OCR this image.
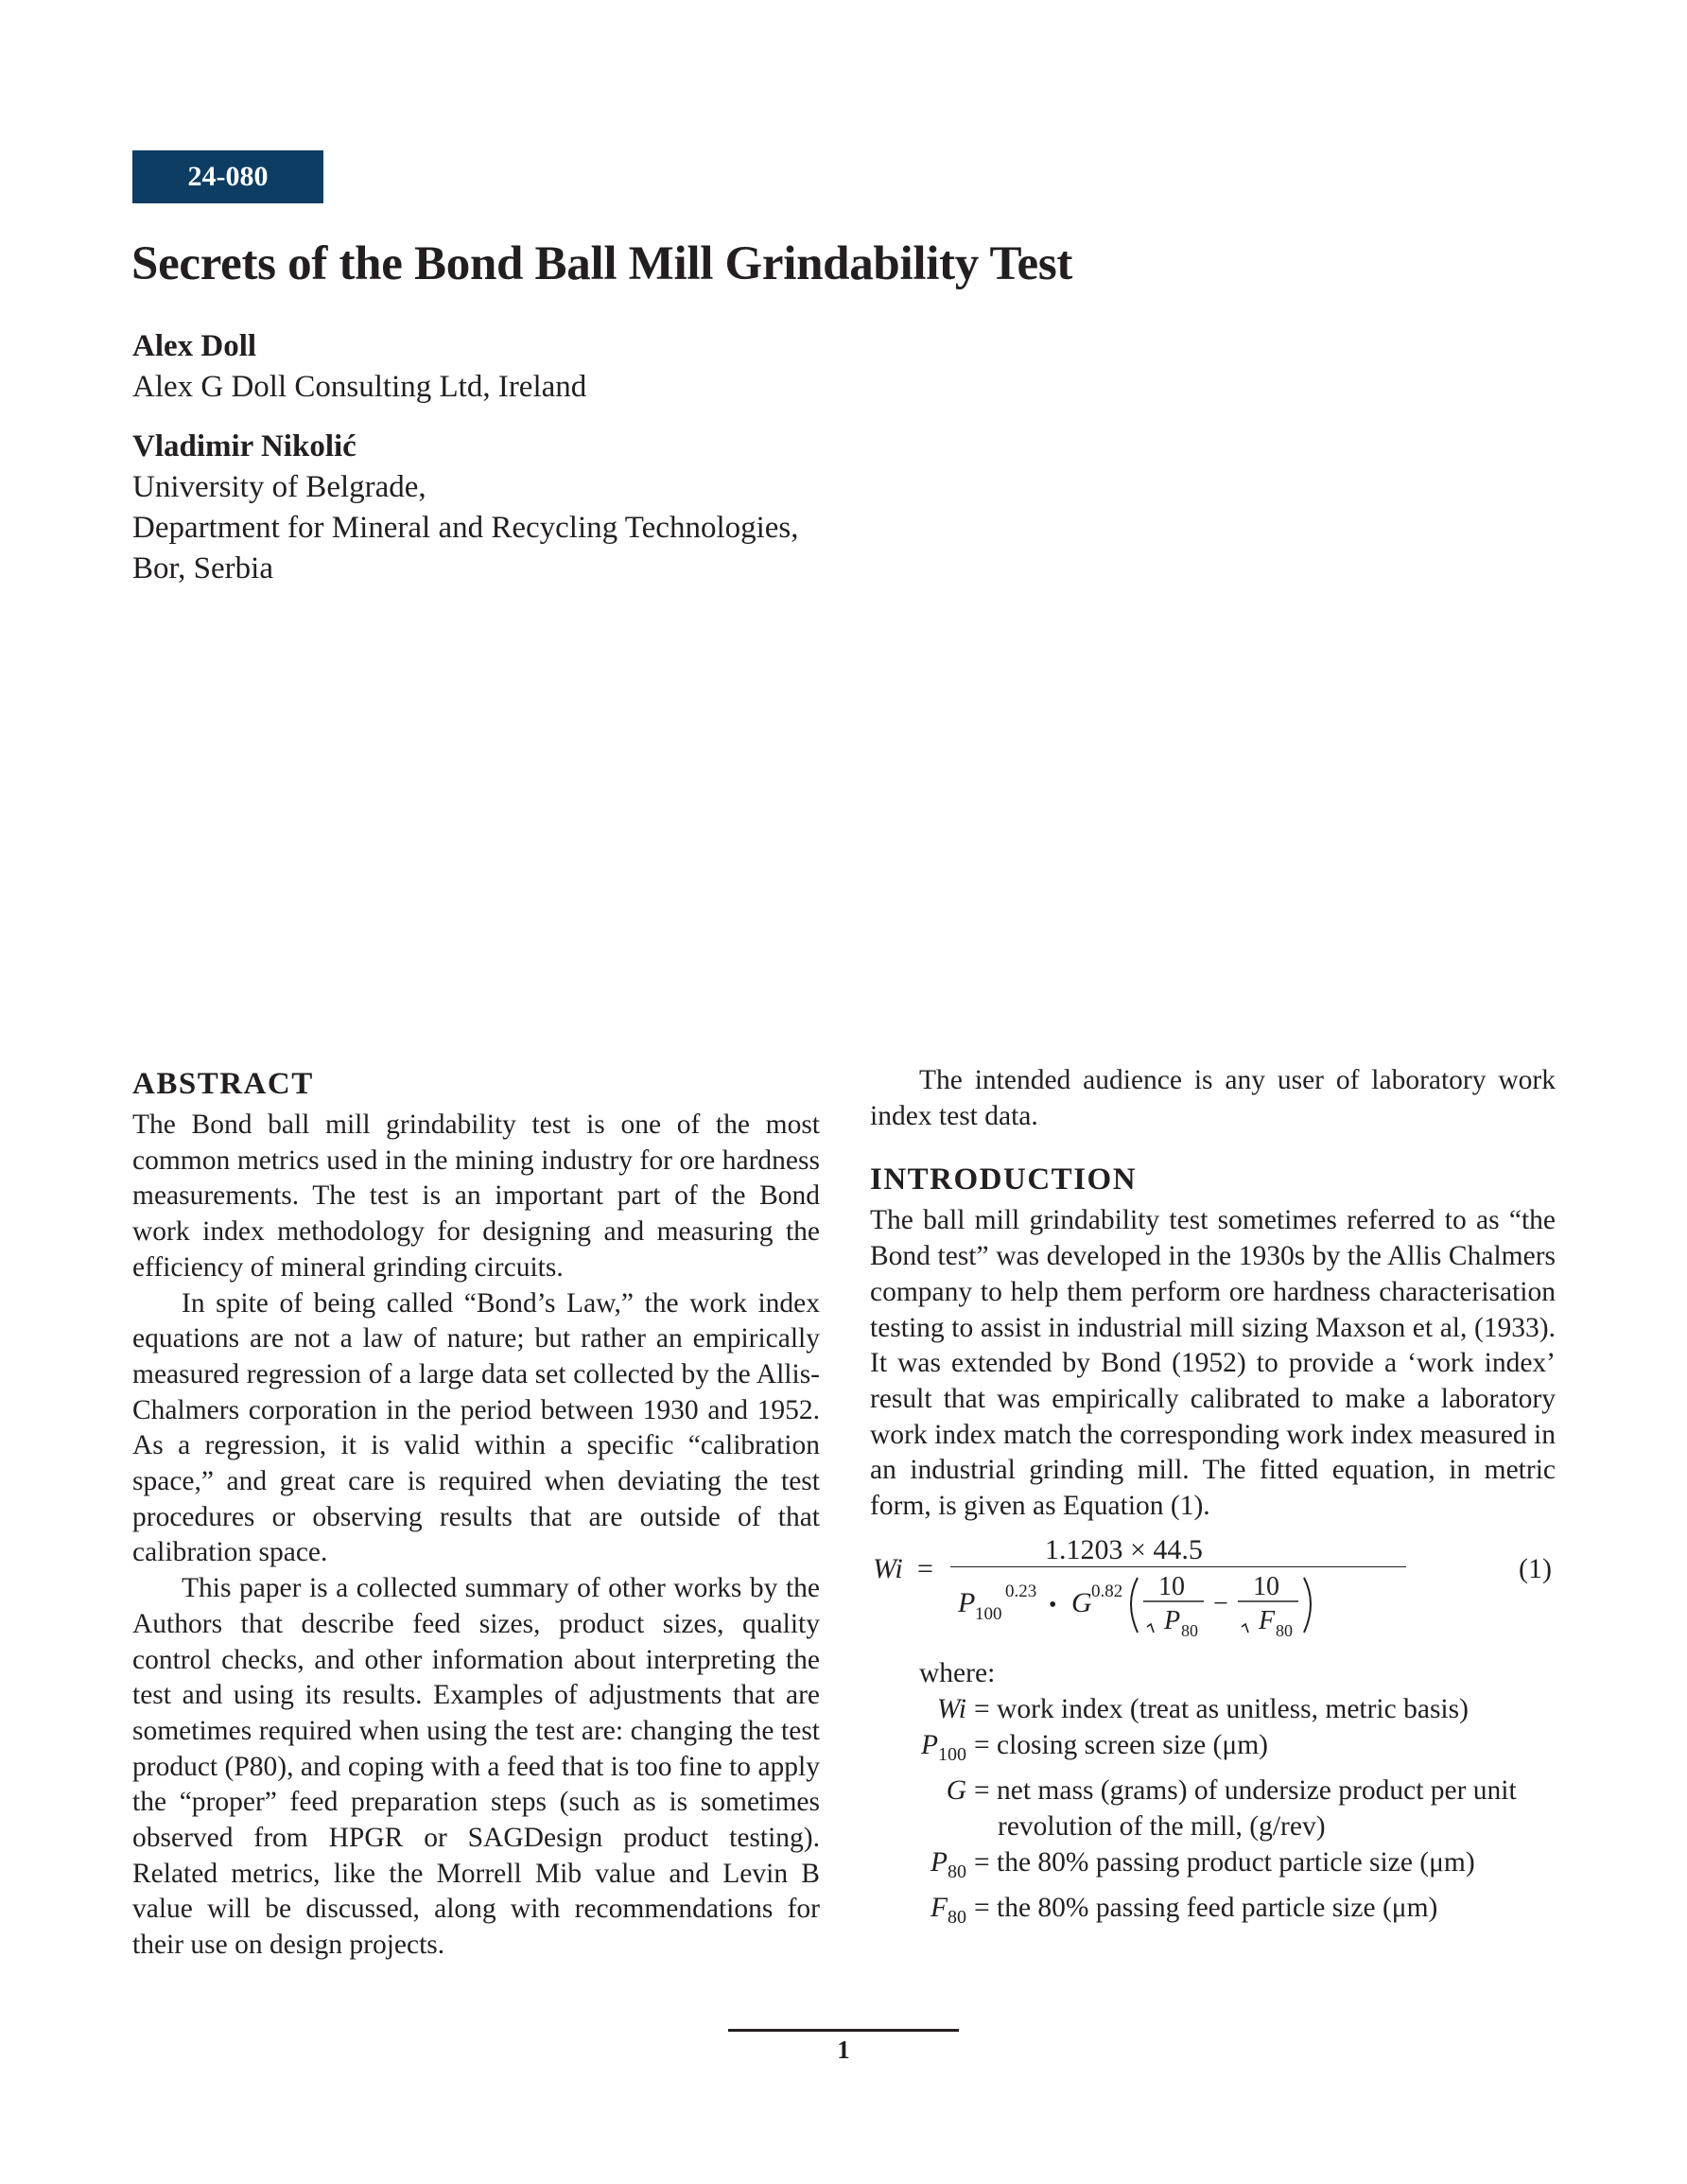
24-080
Secrets of the Bond Ball Mill Grindability Test
Alex Doll
Alex G Doll Consulting Ltd, Ireland
Vladimir Nikolić
University of Belgrade,
Department for Mineral and Recycling Technologies,
Bor, Serbia
ABSTRACT

The Bond ball mill grindability test is one of the most common metrics used in the mining industry for ore hardness measurements. The test is an important part of the Bond work index methodology for designing and measuring the efficiency of mineral grinding circuits.

In spite of being called “Bond’s Law,” the work index equations are not a law of nature; but rather an empirically measured regression of a large data set collected by the Allis- Chalmers corporation in the period between 1930 and 1952. As a regression, it is valid within a specific “calibration space,” and great care is required when deviating the test procedures or observing results that are outside of that calibration space.

This paper is a collected summary of other works by the Authors that describe feed sizes, product sizes, quality control checks, and other information about interpreting the test and using its results. Examples of adjustments that are sometimes required when using the test are: changing the test product (P80), and coping with a feed that is too fine to apply the “proper” feed preparation steps (such as is sometimes observed from HPGR or SAGDesign product testing). Related metrics, like the Morrell Mib value and Levin B value will be discussed, along with recommendations for their use on design projects.

The intended audience is any user of laboratory work index test data.

INTRODUCTION

The ball mill grindability test sometimes referred to as “the Bond test” was developed in the 1930s by the Allis Chalmers company to help them perform ore hardness characterisation testing to assist in industrial mill sizing Maxson et al, (1933). It was extended by Bond (1952) to provide a ‘work index’ result that was empirically calibrated to make a laboratory work index match the corresponding work index measured in an industrial grinding mill. The fitted equation, in metric form, is given as Equation (1).

Wi =
1.1203 × 44.5
P 100
0.23
• G 0.82 10
P 80
−
10
F 80
(1)
where:
Wi = work index (treat as unitless, metric basis)
$P_{100} = closing$ screen size (μm)
G = net mass (grams) of undersize product per unit
revolution of the mill, (g/rev)
$P_{80}$ = the 80% passing product particle size (μm)
$F_{80}$ = the 80% passing feed particle size (μm)
1
